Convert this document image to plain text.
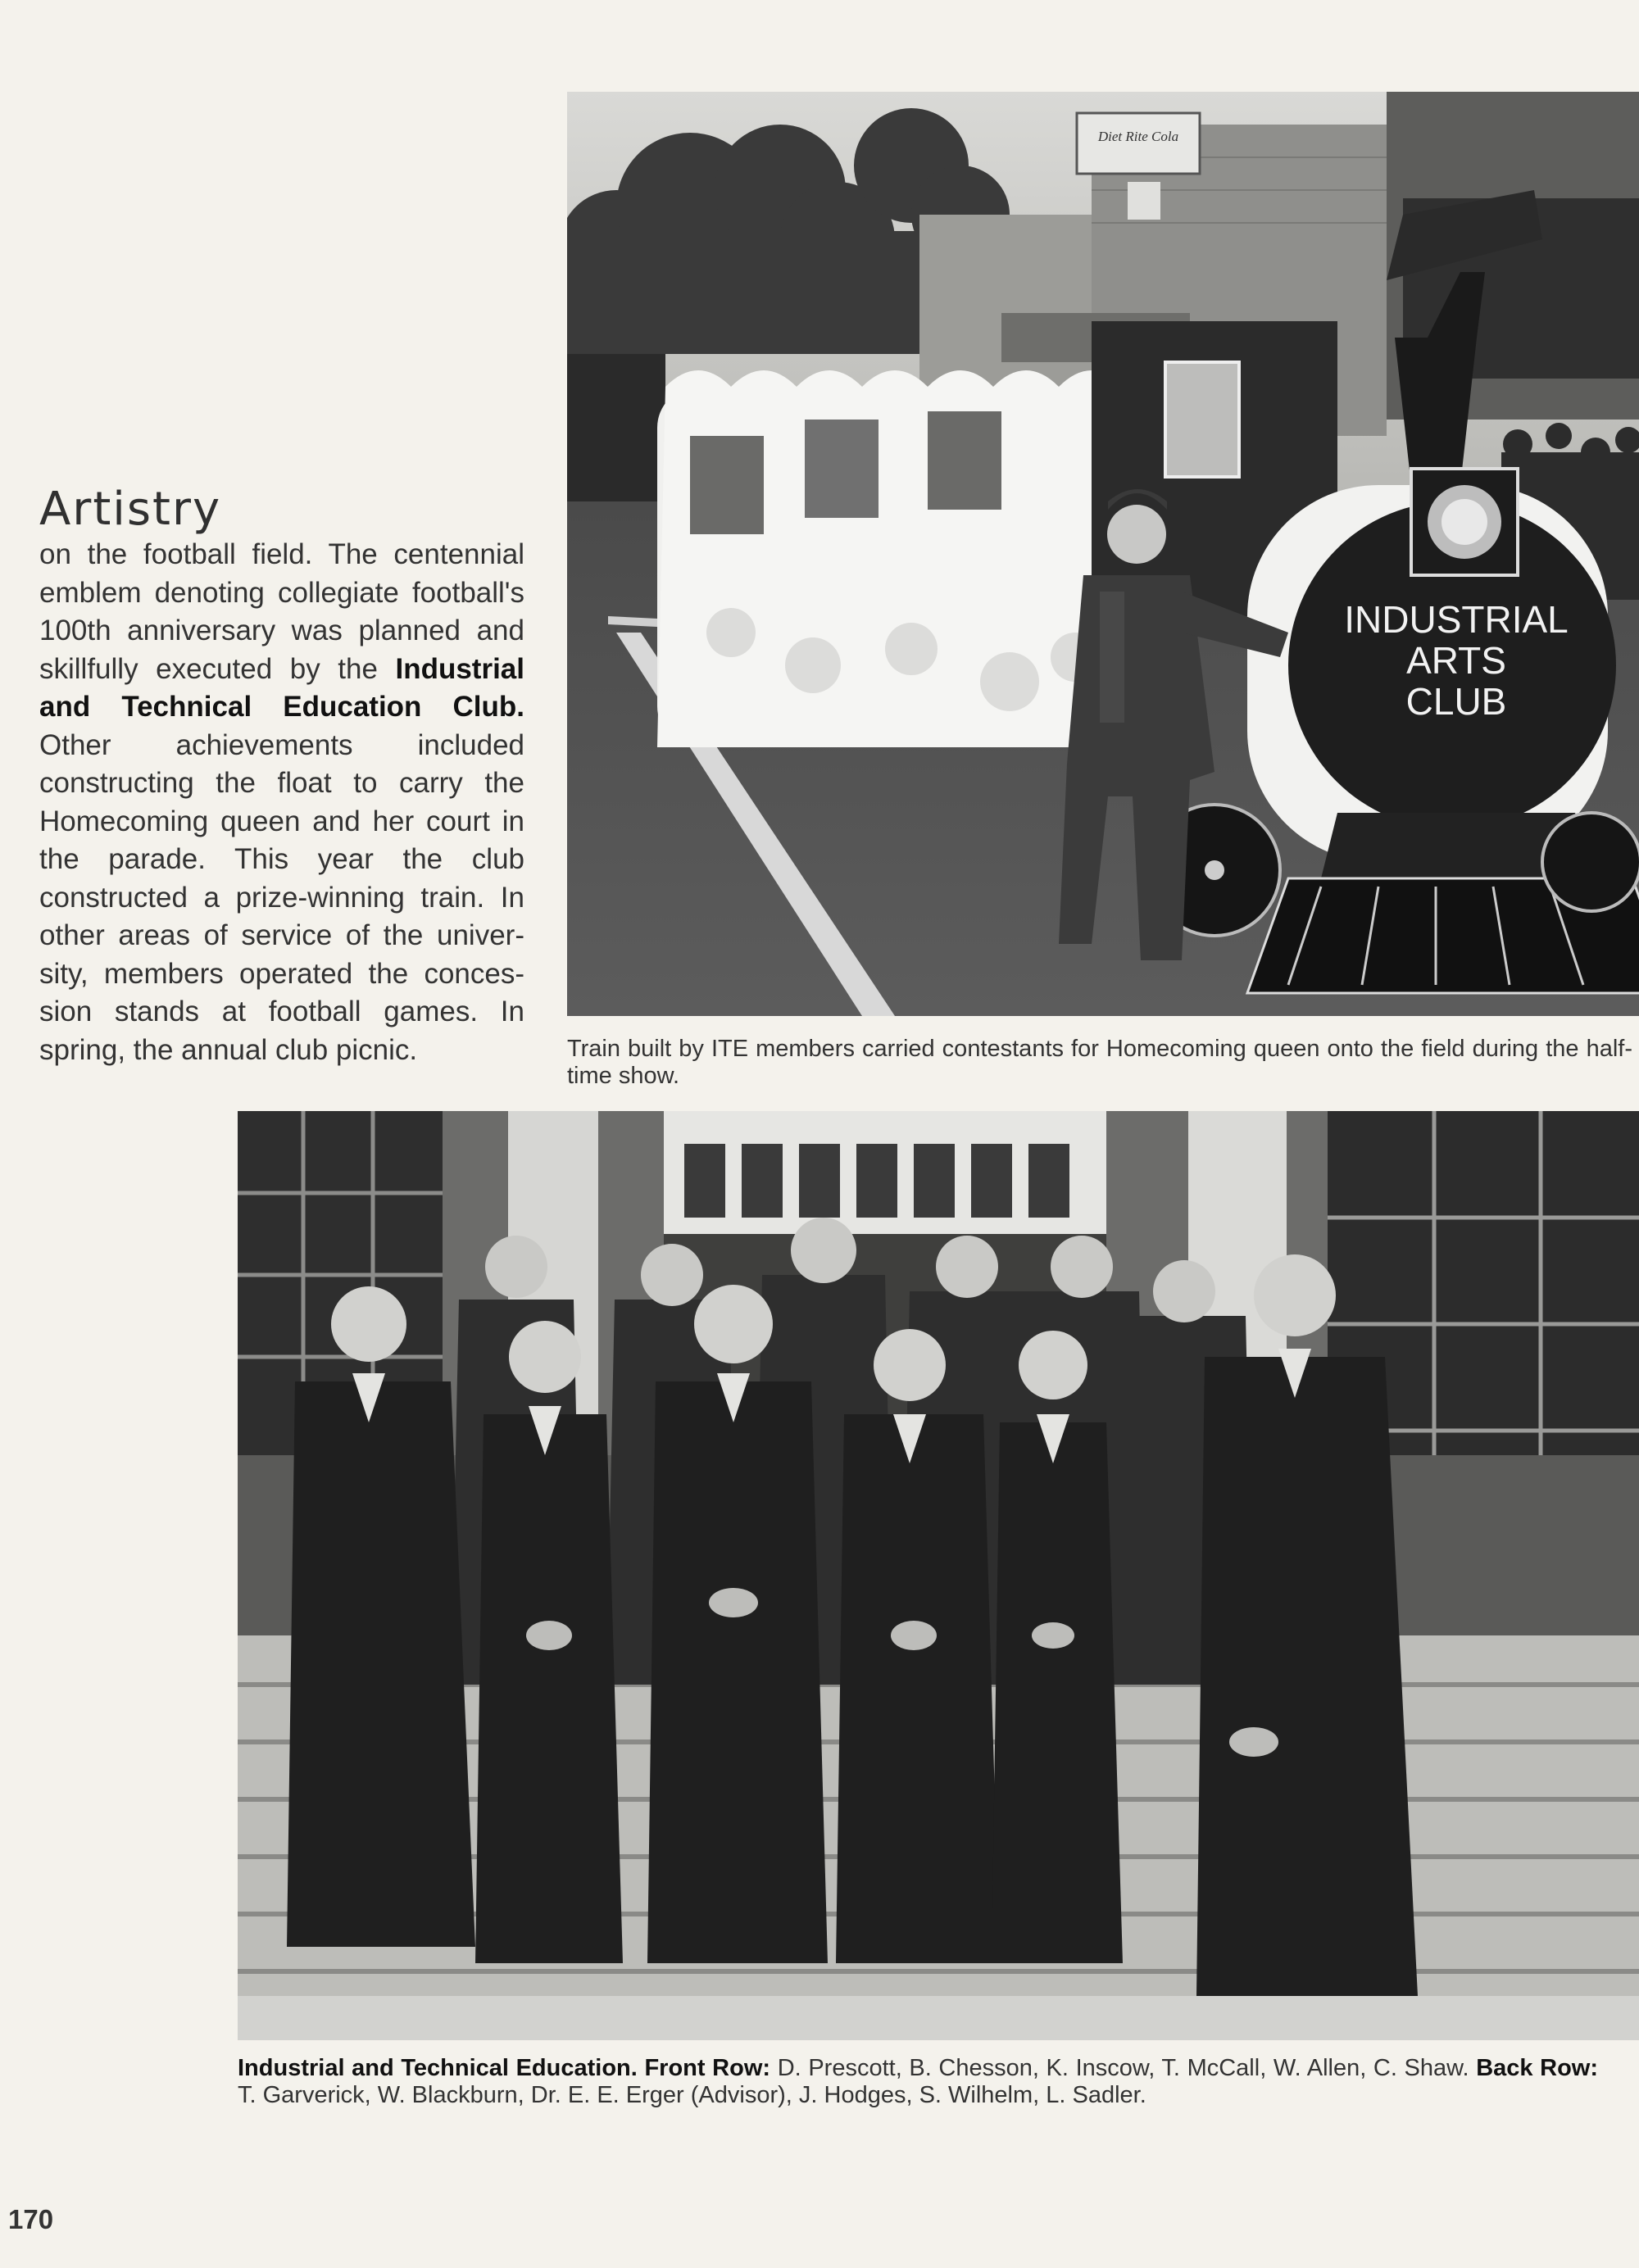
Artistry

on the football field. The centennial emblem denoting collegiate football's 100th anniversary was planned and skillfully executed by the Industrial and Technical Education Club. Other achievements included constructing the float to carry the Homecoming queen and her court in the parade. This year the club constructed a prize-winning train. In other areas of service of the university, members operated the concession stands at football games. In spring, the annual club picnic.

Diet Rite Cola
INDUSTRIAL
ARTS
CLUB

Train built by ITE members carried contestants for Homecoming queen onto the field during the half-time show.

Industrial and Technical Education. Front Row: D. Prescott, B. Chesson, K. Inscow, T. McCall, W. Allen, C. Shaw. Back Row: T. Garverick, W. Blackburn, Dr. E. E. Erger (Advisor), J. Hodges, S. Wilhelm, L. Sadler.

170
